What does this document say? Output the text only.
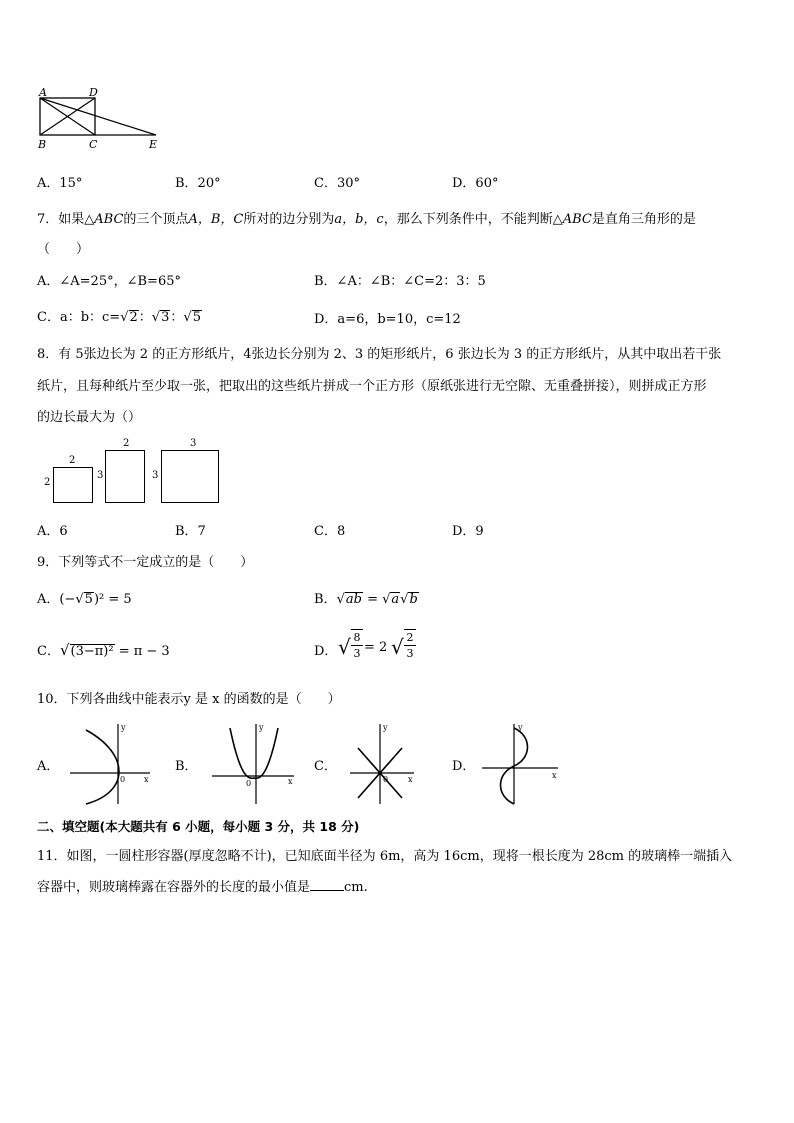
A	D
B	C	E
A．15°	B．20°	C．30°	D．60°
7．如果△ABC的三个顶点A，B，C所对的边分别为a，b，c，那么下列条件中，不能判断△ABC是直角三角形的是
（　　）
A．∠A=25°，∠B=65°	B．∠A：∠B：∠C=2：3：5
C．a：b：c=√2：√3：√5	D．a=6，b=10，c=12
8．有 5张边长为 2 的正方形纸片，4张边长分别为 2、3 的矩形纸片，6 张边长为 3 的正方形纸片，从其中取出若干张
纸片，且每种纸片至少取一张，把取出的这些纸片拼成一个正方形（原纸张进行无空隙、无重叠拼接），则拼成正方形
的边长最大为（）
2
2
2
3
3
3
A．6	B．7	C．8	D．9
9．下列等式不一定成立的是（　　）
A．(−√5)² = 5	B．√ab = √a√b
C．√(3−π)² = π − 3	D． √ 8
3 = 2 √ 2
3
10．下列各曲线中能表示y 是 x 的函数的是（　　）
A．
y
x
0
B．
y
x
0
C．
y
x
0
D．
y
x
二、填空题(本大题共有 6 小题，每小题 3 分，共 18 分)
11．如图，一圆柱形容器(厚度忽略不计)，已知底面半径为 6m，高为 16cm，现将一根长度为 28cm 的玻璃棒一端插入
容器中，则玻璃棒露在容器外的长度的最小值是	cm.
